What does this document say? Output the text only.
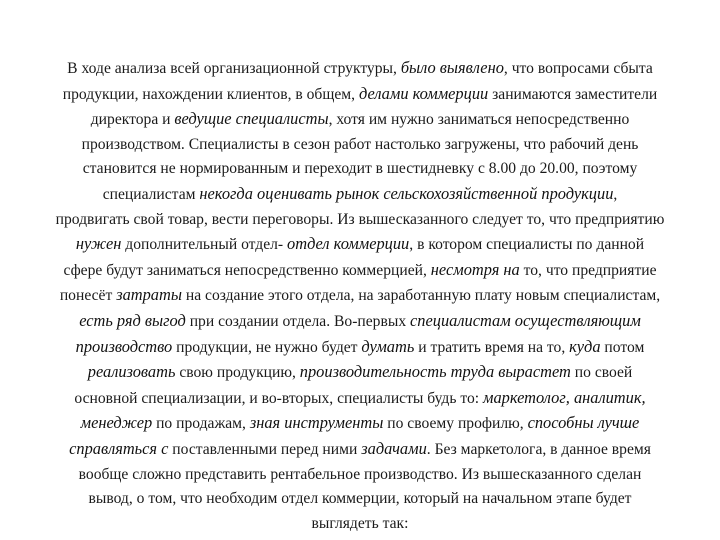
В ходе анализа всей организационной структуры, было выявлено, что вопросами сбыта
продукции, нахождении клиентов, в общем, делами коммерции занимаются заместители
директора и ведущие специалисты, хотя им нужно заниматься непосредственно
производством. Специалисты в сезон работ настолько загружены, что рабочий день
становится не нормированным и переходит в шестидневку с 8.00 до 20.00, поэтому
специалистам некогда оценивать рынок сельскохозяйственной продукции,
продвигать свой товар, вести переговоры. Из вышесказанного следует то, что предприятию
нужен дополнительный отдел- отдел коммерции, в котором специалисты по данной
сфере будут заниматься непосредственно коммерцией, несмотря на то, что предприятие
понесёт затраты на создание этого отдела, на заработанную плату новым специалистам,
есть ряд выгод при создании отдела. Во-первых специалистам осуществляющим
производство продукции, не нужно будет думать и тратить время на то, куда потом
реализовать свою продукцию, производительность труда вырастет по своей
основной специализации, и во-вторых, специалисты будь то: маркетолог, аналитик,
менеджер по продажам, зная инструменты по своему профилю, способны лучше
справляться с поставленными перед ними задачами. Без маркетолога, в данное время
вообще сложно представить рентабельное производство. Из вышесказанного сделан
вывод, о том, что необходим отдел коммерции, который на начальном этапе будет
выглядеть так:
